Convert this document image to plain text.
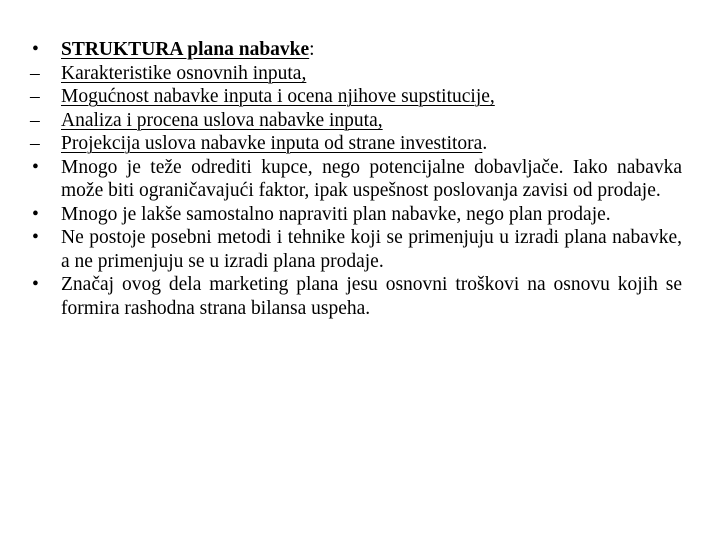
•	STRUKTURA plana nabavke:
–	Karakteristike osnovnih inputa,
–	Mogućnost nabavke inputa i ocena njihove supstitucije,
–	Analiza i procena uslova nabavke inputa,
–	Projekcija uslova nabavke inputa od strane investitora.
•	Mnogo je teže odrediti kupce, nego potencijalne dobavljače. Iako nabavka može biti ograničavajući faktor, ipak uspešnost poslovanja zavisi od prodaje.
•	Mnogo je lakše samostalno napraviti plan nabavke, nego plan prodaje.
•	Ne postoje posebni metodi i tehnike koji se primenjuju u izradi plana nabavke, a ne primenjuju se u izradi plana prodaje.
•	Značaj ovog dela marketing plana jesu osnovni troškovi na osnovu kojih se formira rashodna strana bilansa uspeha.
